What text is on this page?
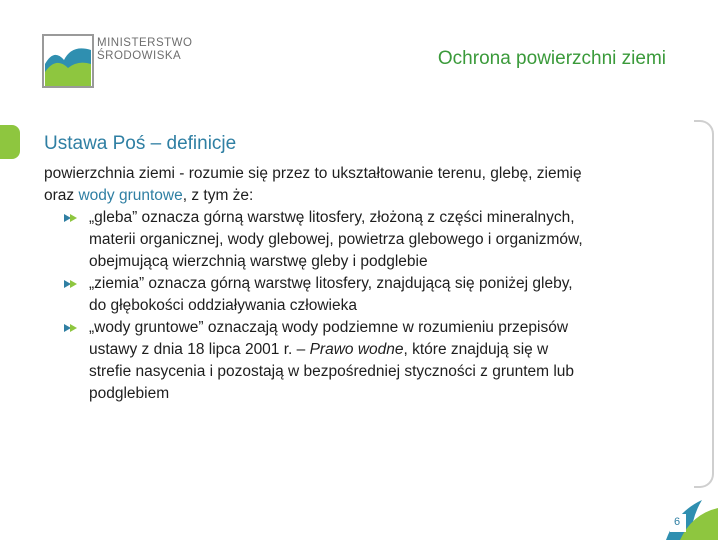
MINISTERSTWO
ŚRODOWISKA	Ochrona powierzchni ziemi
Ustawa Poś – definicje
powierzchnia ziemi - rozumie się przez to ukształtowanie terenu, glebę, ziemię oraz wody gruntowe, z tym że:
„gleba” oznacza górną warstwę litosfery, złożoną z części mineralnych, materii organicznej, wody glebowej, powietrza glebowego i organizmów, obejmującą wierzchnią warstwę gleby i podglebie
„ziemia” oznacza górną warstwę litosfery, znajdującą się poniżej gleby, do głębokości oddziaływania człowieka
„wody gruntowe” oznaczają wody podziemne w rozumieniu przepisów ustawy z dnia 18 lipca 2001 r. – Prawo wodne, które znajdują się w strefie nasycenia i pozostają w bezpośredniej styczności z gruntem lub podglebiem
6
